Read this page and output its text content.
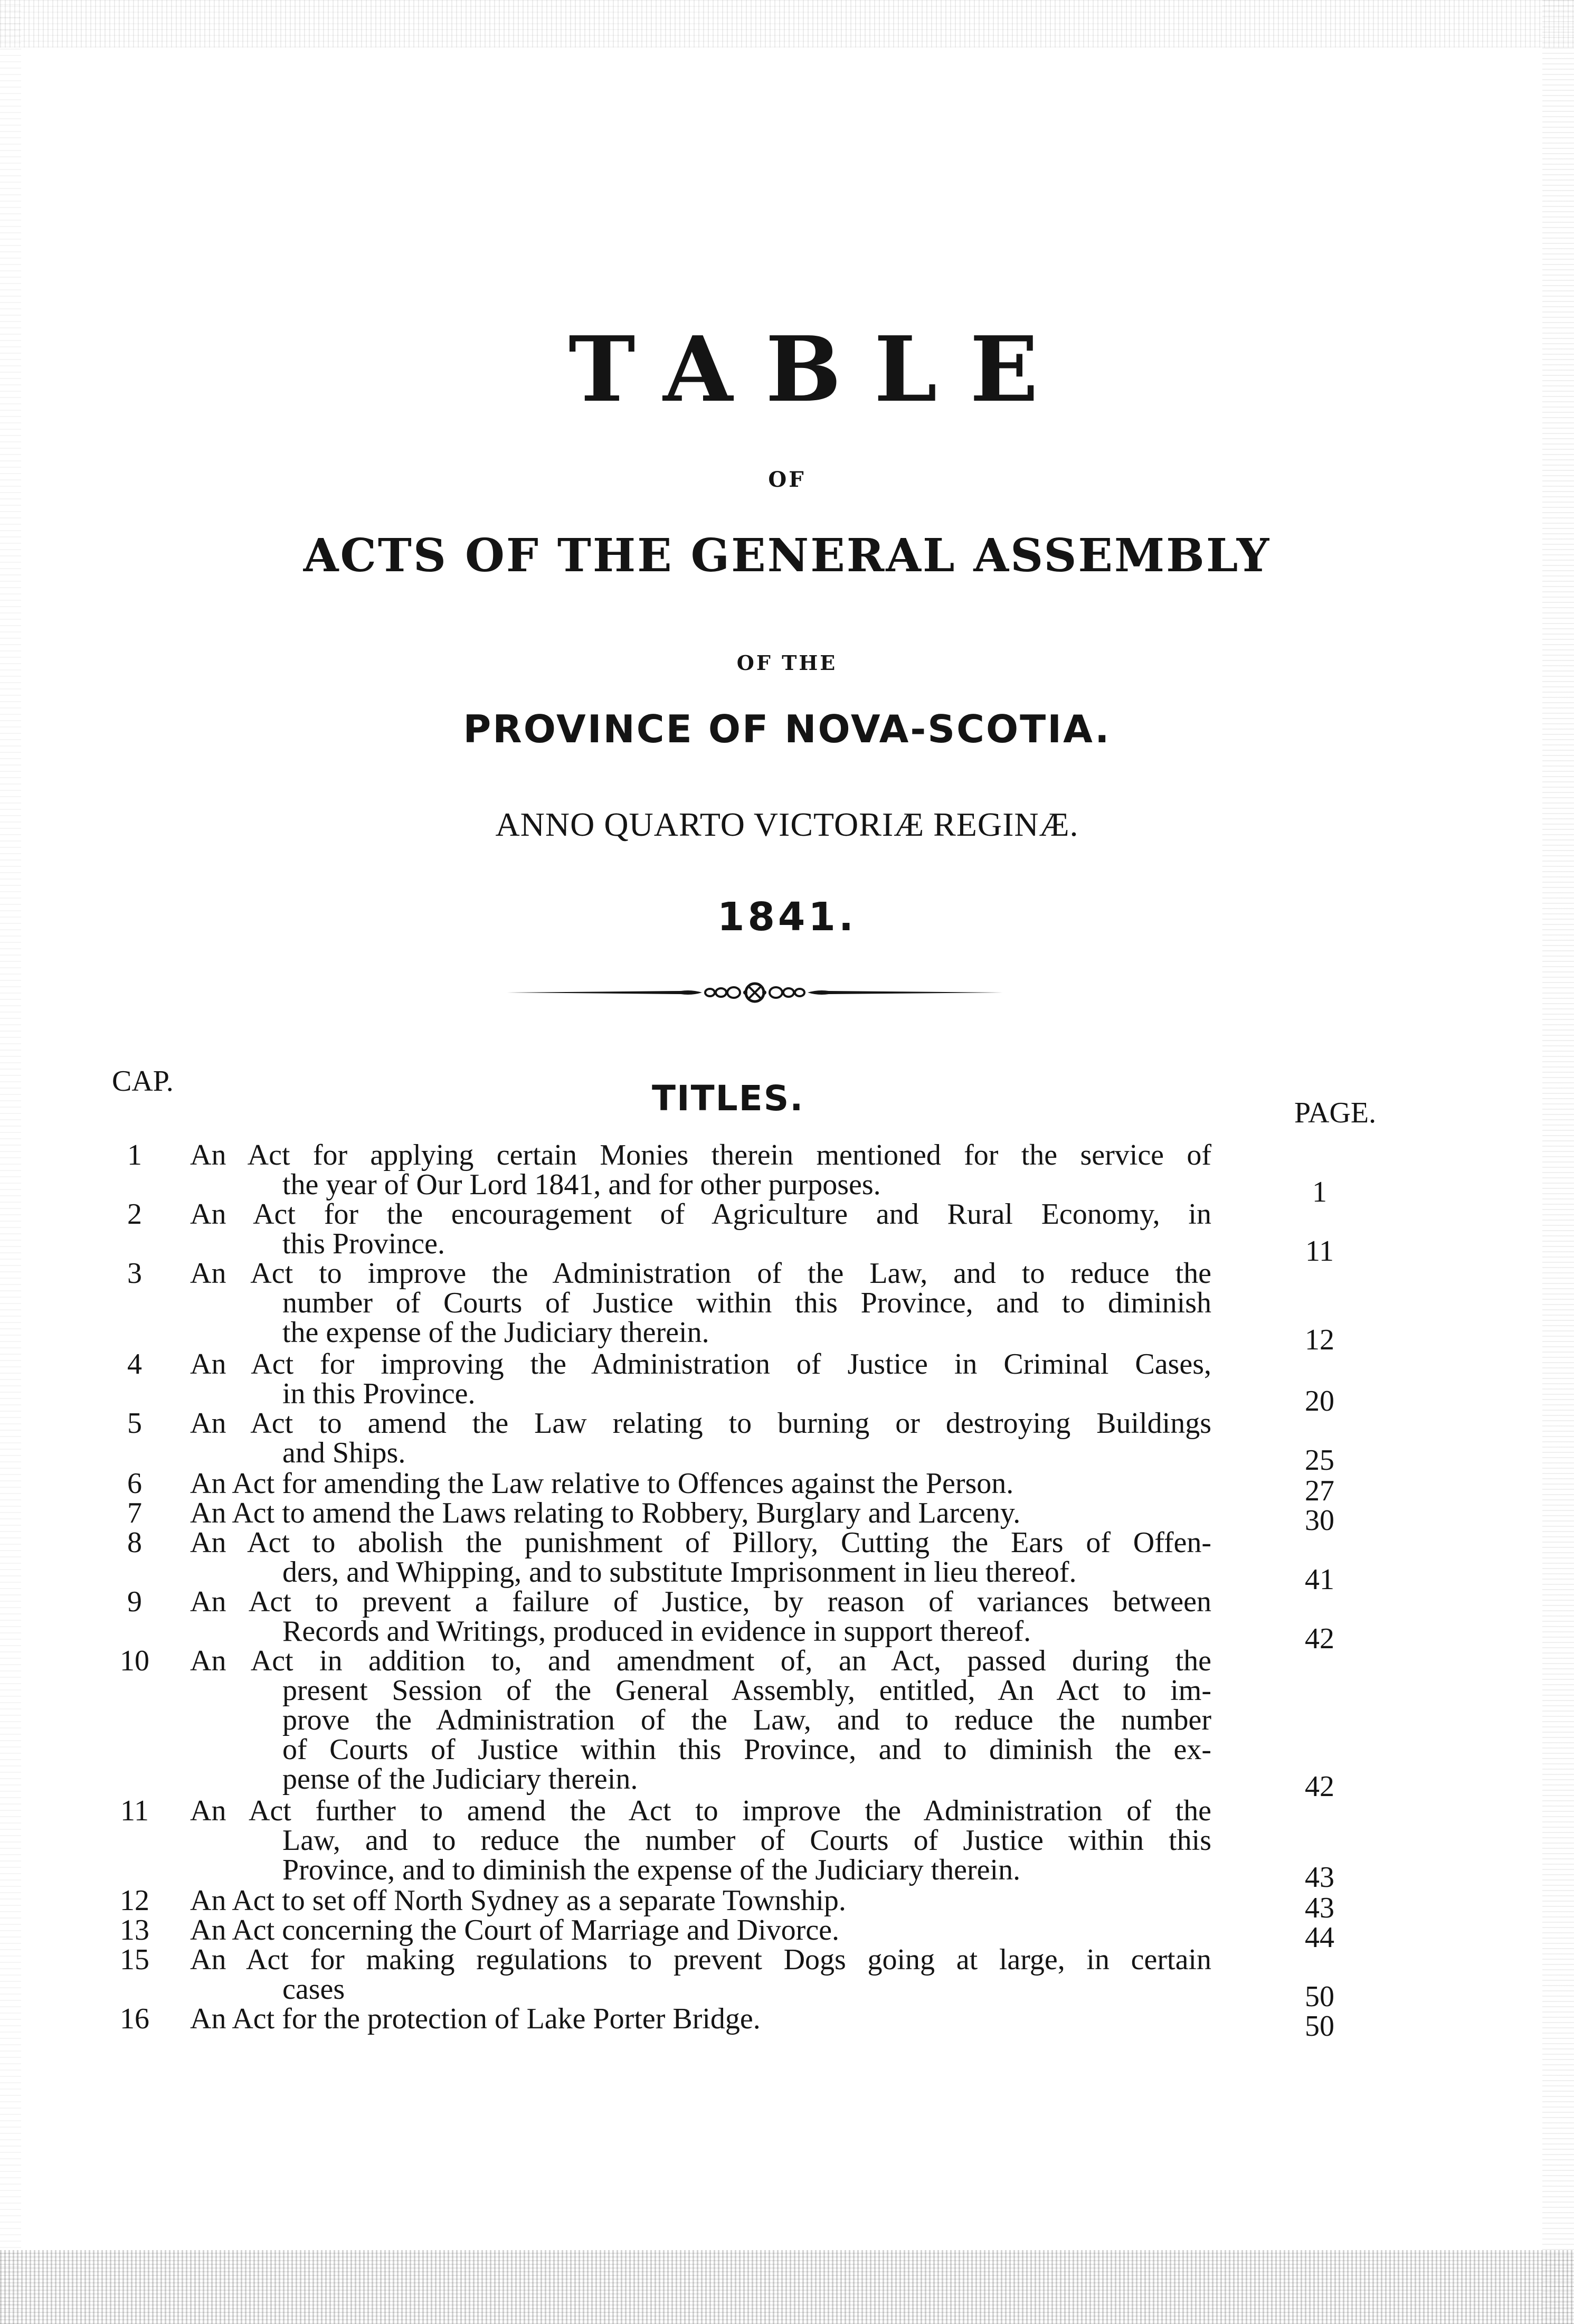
TABLE
OF
ACTS OF THE GENERAL ASSEMBLY
OF THE
PROVINCE OF NOVA-SCOTIA.
ANNO QUARTO VICTORIÆ REGINÆ.
1841.
CAP.	TITLES.	PAGE.
1	An Act for applying certain Monies therein mentioned for the service of
the year of Our Lord 1841, and for other purposes.	1
2	An Act for the encouragement of Agriculture and Rural Economy, in
this Province.	11
3	An Act to improve the Administration of the Law, and to reduce the
number of Courts of Justice within this Province, and to diminish
the expense of the Judiciary therein.	12
4	An Act for improving the Administration of Justice in Criminal Cases,
in this Province.	20
5	An Act to amend the Law relating to burning or destroying Buildings
and Ships.	25
6	An Act for amending the Law relative to Offences against the Person.	27
7	An Act to amend the Laws relating to Robbery, Burglary and Larceny.	30
8	An Act to abolish the punishment of Pillory, Cutting the Ears of Offen-
ders, and Whipping, and to substitute Imprisonment in lieu thereof.	41
9	An Act to prevent a failure of Justice, by reason of variances between
Records and Writings, produced in evidence in support thereof.	42
10	An Act in addition to, and amendment of, an Act, passed during the
present Session of the General Assembly, entitled, An Act to im-
prove the Administration of the Law, and to reduce the number
of Courts of Justice within this Province, and to diminish the ex-
pense of the Judiciary therein.	42
11	An Act further to amend the Act to improve the Administration of the
Law, and to reduce the number of Courts of Justice within this
Province, and to diminish the expense of the Judiciary therein.	43
12	An Act to set off North Sydney as a separate Township.	43
13	An Act concerning the Court of Marriage and Divorce.	44
15	An Act for making regulations to prevent Dogs going at large, in certain
cases	50
16	An Act for the protection of Lake Porter Bridge.	50
